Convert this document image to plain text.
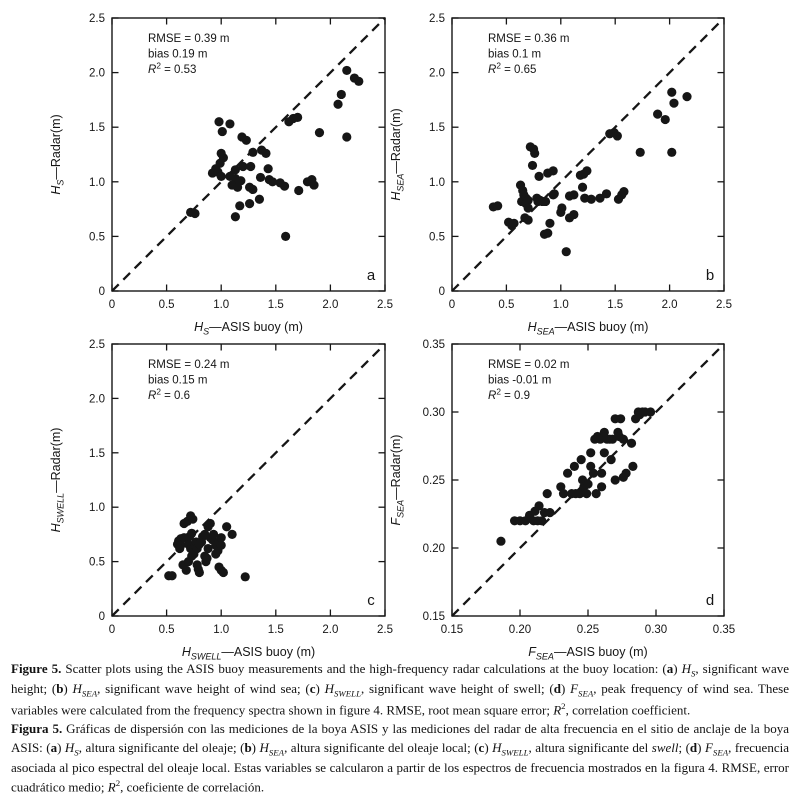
0	0.5	1.0	1.5	2.0	2.5
0
0.5
1.0
1.5
2.0
2.5
RMSE = 0.39 m
bias 0.19 m
$R^2 = 0.53$
$H_S—ASIS$ buoy (m)
$H_S—Radar(m)$
a
0	0.5	1.0	1.5	2.0	2.5
0
0.5
1.0
1.5
2.0
2.5
RMSE = 0.36 m
bias 0.1 m
$R^2 = 0.65$
$H_{SEA}—ASIS$ buoy (m)
$H_{SEA}—Radar(m)$
b
0	0.5	1.0	1.5	2.0	2.5
0
0.5
1.0
1.5
2.0
2.5
RMSE = 0.24 m
bias 0.15 m
$R^2 = 0.6$
$H_{SWELL}—ASIS$ buoy (m)
$H_{SWELL}—Radar(m)$
c
0.15	0.20	0.25	0.30	0.35
0.15
0.20
0.25
0.30
0.35
RMSE = 0.02 m
bias -0.01 m
$R^2 = 0.9$
$F_{SEA}—ASIS$ buoy (m)
$F_{SEA}—Radar(m)$
d

Figure 5. Scatter plots using the ASIS buoy measurements and the high-frequency radar calculations at the buoy location: (a) $H_S$, significant wave height; (b) $H_{SEA}$, significant wave height of wind sea; (c) $H_{SWELL}$, significant wave height of swell; (d) $F_{SEA}$, peak frequency of wind sea. These variables were calculated from the frequency spectra shown in figure 4. RMSE, root mean square error; $R^2$, correlation coefficient.

Figura 5. Gráficas de dispersión con las mediciones de la boya ASIS y las mediciones del radar de alta frecuencia en el sitio de anclaje de la boya ASIS: (a) $H_S$, altura significante del oleaje; (b) $H_{SEA}$, altura significante del oleaje local; (c) $H_{SWELL}$, altura significante del swell; (d) $F_{SEA}$, frecuencia asociada al pico espectral del oleaje local. Estas variables se calcularon a partir de los espectros de frecuencia mostrados en la figura 4. RMSE, error cuadrático medio; $R^2$, coeficiente de correlación.
